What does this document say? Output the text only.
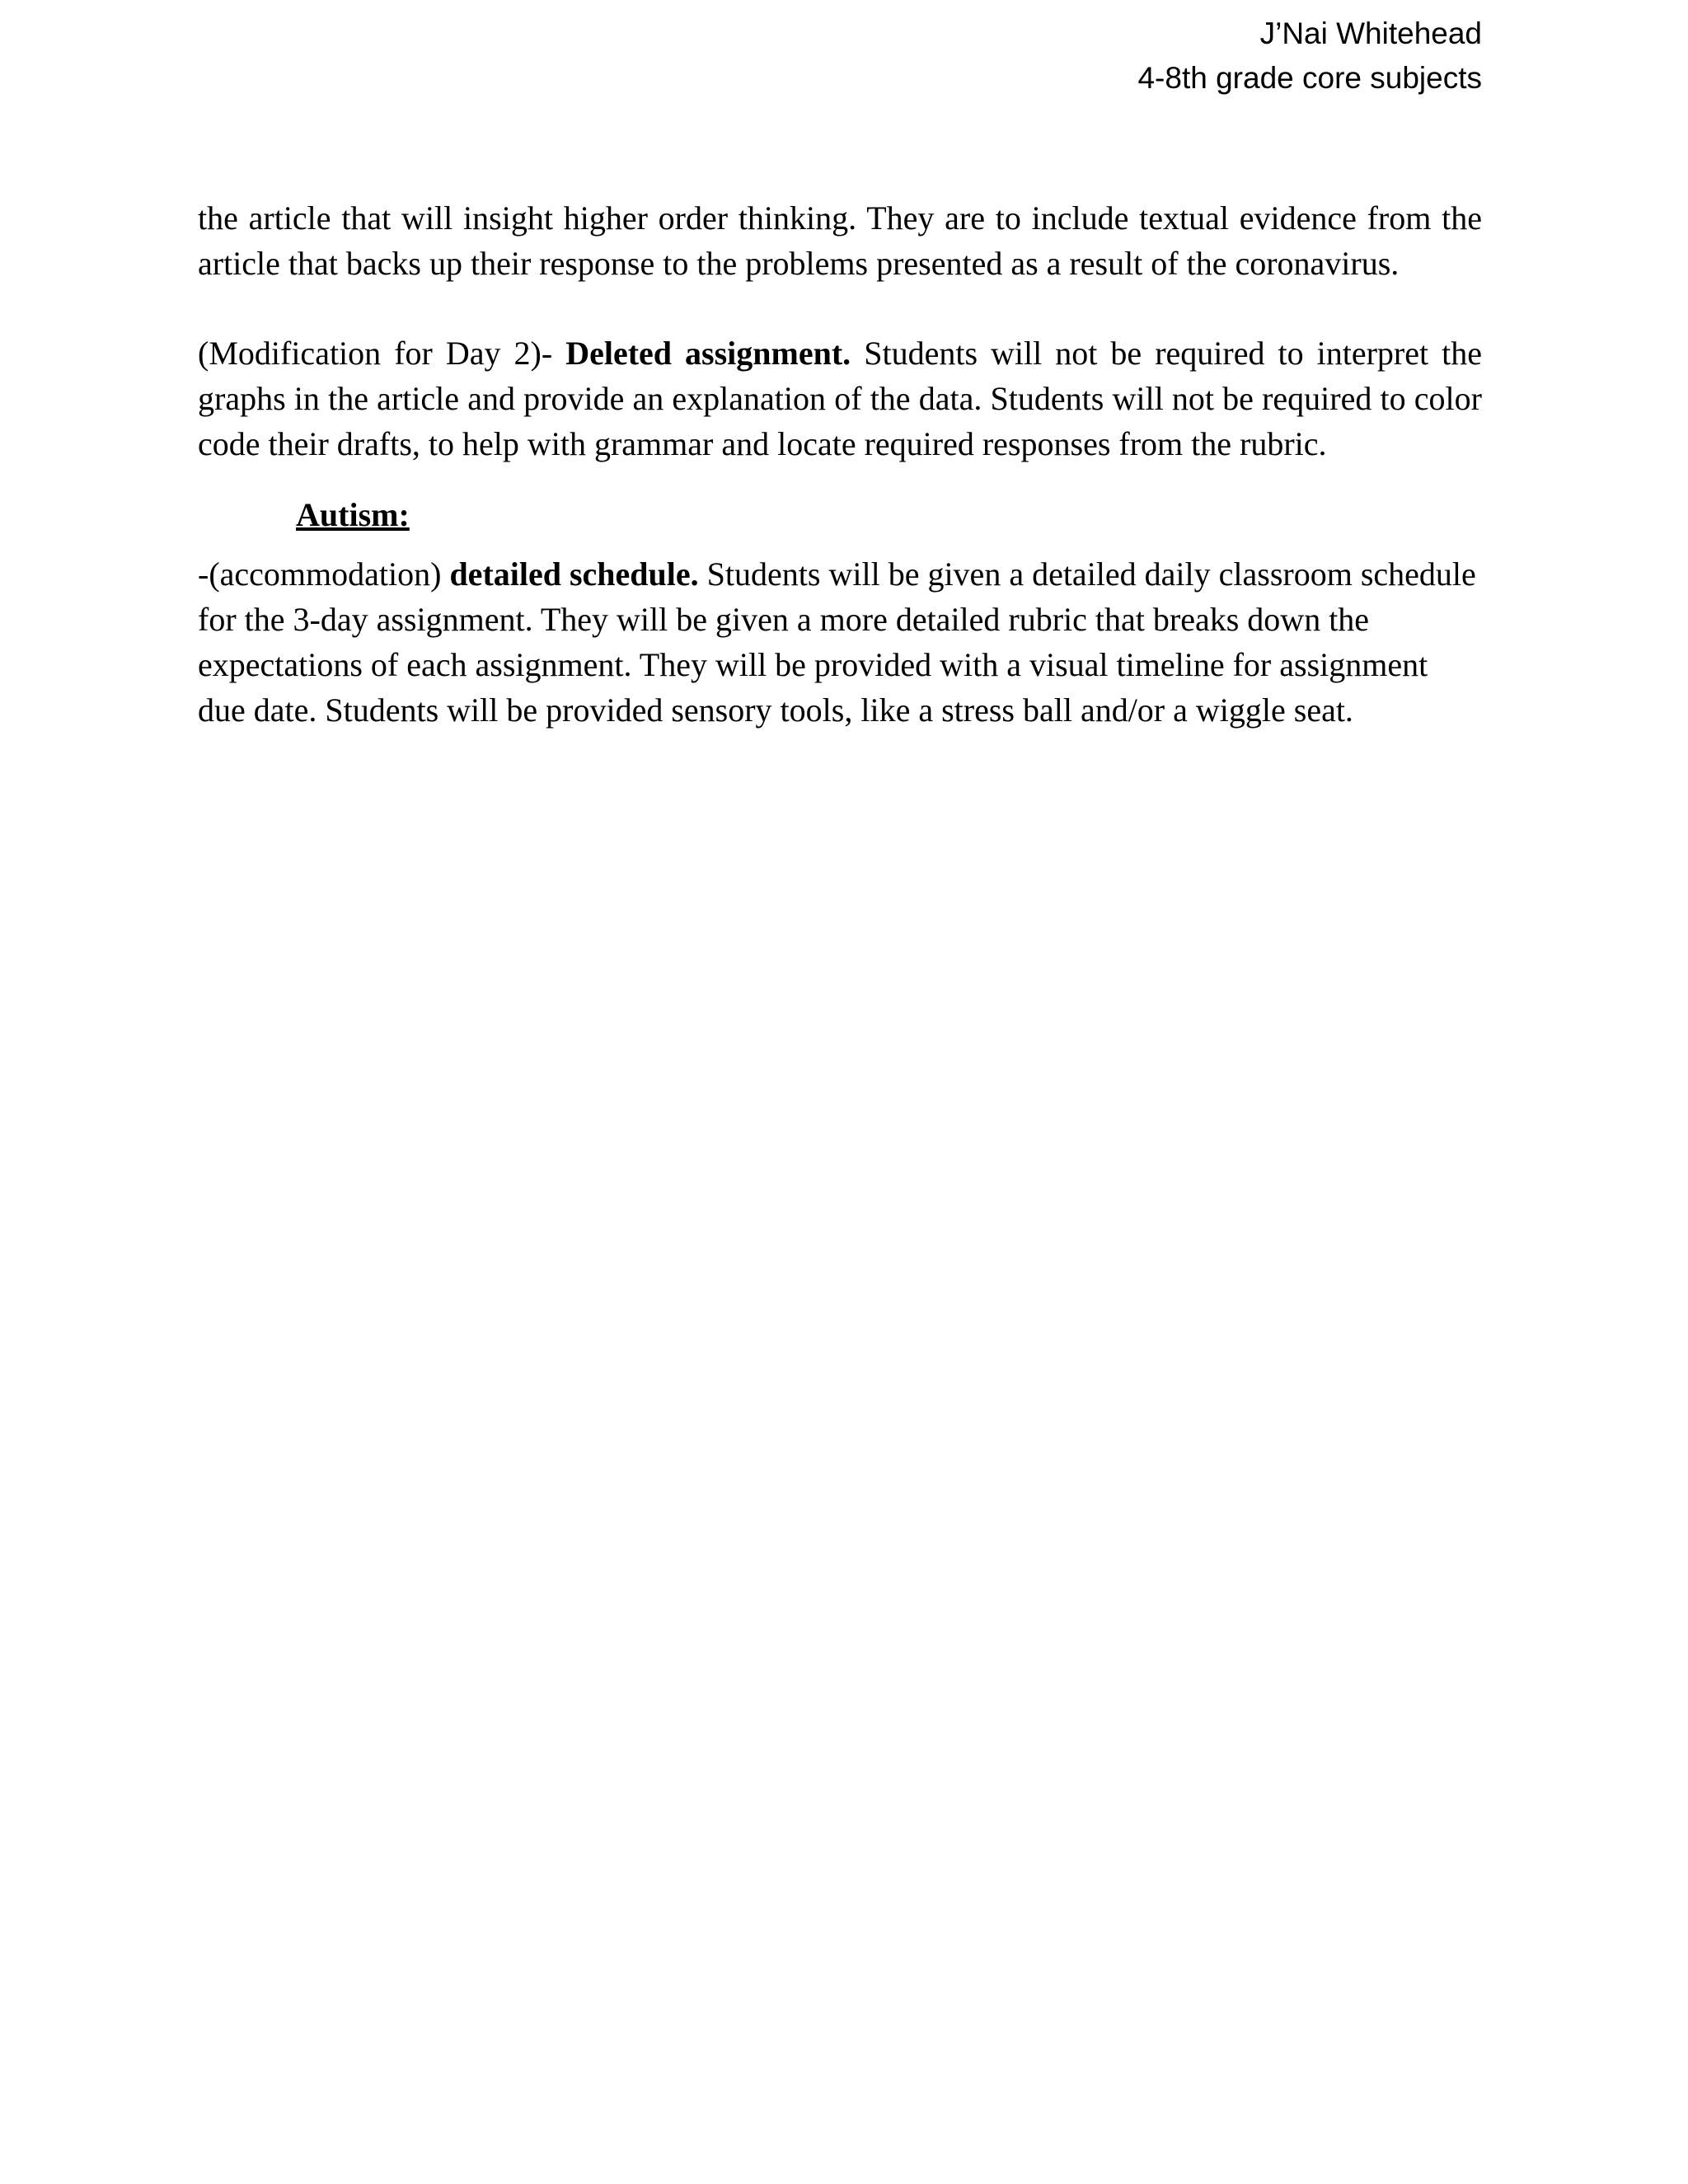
J’Nai Whitehead
4-8th grade core subjects

the article that will insight higher order thinking. They are to include textual evidence from the article that backs up their response to the problems presented as a result of the coronavirus.

(Modification for Day 2)- Deleted assignment. Students will not be required to interpret the graphs in the article and provide an explanation of the data. Students will not be required to color code their drafts, to help with grammar and locate required responses from the rubric.

Autism:

-(accommodation) detailed schedule. Students will be given a detailed daily classroom schedule
for the 3-day assignment. They will be given a more detailed rubric that breaks down the
expectations of each assignment. They will be provided with a visual timeline for assignment
due date. Students will be provided sensory tools, like a stress ball and/or a wiggle seat.
